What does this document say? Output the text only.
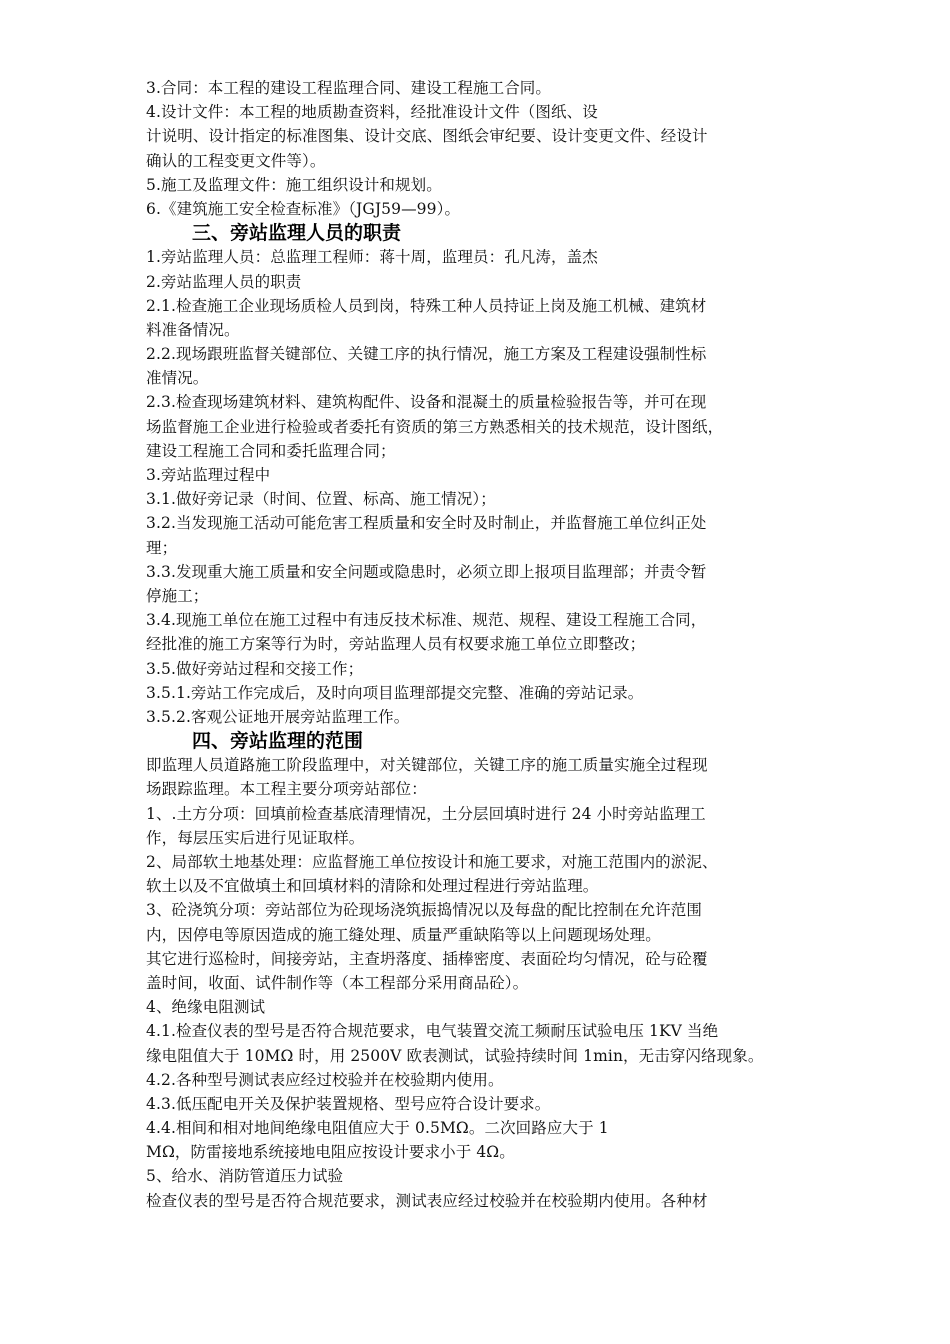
3.合同：本工程的建设工程监理合同、建设工程施工合同。
4.设计文件：本工程的地质勘查资料，经批准设计文件（图纸、设
计说明、设计指定的标准图集、设计交底、图纸会审纪要、设计变更文件、经设计
确认的工程变更文件等）。
5.施工及监理文件：施工组织设计和规划。
6.《建筑施工安全检查标准》（JGJ59—99）。
三、旁站监理人员的职责
1.旁站监理人员：总监理工程师：蒋十周，监理员：孔凡涛，盖杰
2.旁站监理人员的职责
2.1.检查施工企业现场质检人员到岗，特殊工种人员持证上岗及施工机械、建筑材
料准备情况。
2.2.现场跟班监督关键部位、关键工序的执行情况，施工方案及工程建设强制性标
准情况。
2.3.检查现场建筑材料、建筑构配件、设备和混凝土的质量检验报告等，并可在现
场监督施工企业进行检验或者委托有资质的第三方熟悉相关的技术规范，设计图纸，
建设工程施工合同和委托监理合同；
3.旁站监理过程中
3.1.做好旁记录（时间、位置、标高、施工情况）；
3.2.当发现施工活动可能危害工程质量和安全时及时制止，并监督施工单位纠正处
理；
3.3.发现重大施工质量和安全问题或隐患时，必须立即上报项目监理部；并责令暂
停施工；
3.4.现施工单位在施工过程中有违反技术标准、规范、规程、建设工程施工合同，
经批准的施工方案等行为时，旁站监理人员有权要求施工单位立即整改；
3.5.做好旁站过程和交接工作；
3.5.1.旁站工作完成后，及时向项目监理部提交完整、准确的旁站记录。
3.5.2.客观公证地开展旁站监理工作。
四、旁站监理的范围
即监理人员道路施工阶段监理中，对关键部位，关键工序的施工质量实施全过程现
场跟踪监理。本工程主要分项旁站部位：
1、.土方分项：回填前检查基底清理情况，土分层回填时进行 24 小时旁站监理工
作，每层压实后进行见证取样。
2、局部软土地基处理：应监督施工单位按设计和施工要求，对施工范围内的淤泥、
软土以及不宜做填土和回填材料的清除和处理过程进行旁站监理。
3、砼浇筑分项：旁站部位为砼现场浇筑振捣情况以及每盘的配比控制在允许范围
内，因停电等原因造成的施工缝处理、质量严重缺陷等以上问题现场处理。
其它进行巡检时，间接旁站，主查坍落度、插棒密度、表面砼均匀情况，砼与砼覆
盖时间，收面、试件制作等（本工程部分采用商品砼）。
4、绝缘电阻测试
4.1.检查仪表的型号是否符合规范要求，电气装置交流工频耐压试验电压 1KV 当绝
缘电阻值大于 10MΩ 时，用 2500V 欧表测试，试验持续时间 1min，无击穿闪络现象。
4.2.各种型号测试表应经过校验并在校验期内使用。
4.3.低压配电开关及保护装置规格、型号应符合设计要求。
4.4.相间和相对地间绝缘电阻值应大于 0.5MΩ。二次回路应大于 1
MΩ，防雷接地系统接地电阻应按设计要求小于 4Ω。
5、给水、消防管道压力试验
检查仪表的型号是否符合规范要求，测试表应经过校验并在校验期内使用。各种材
